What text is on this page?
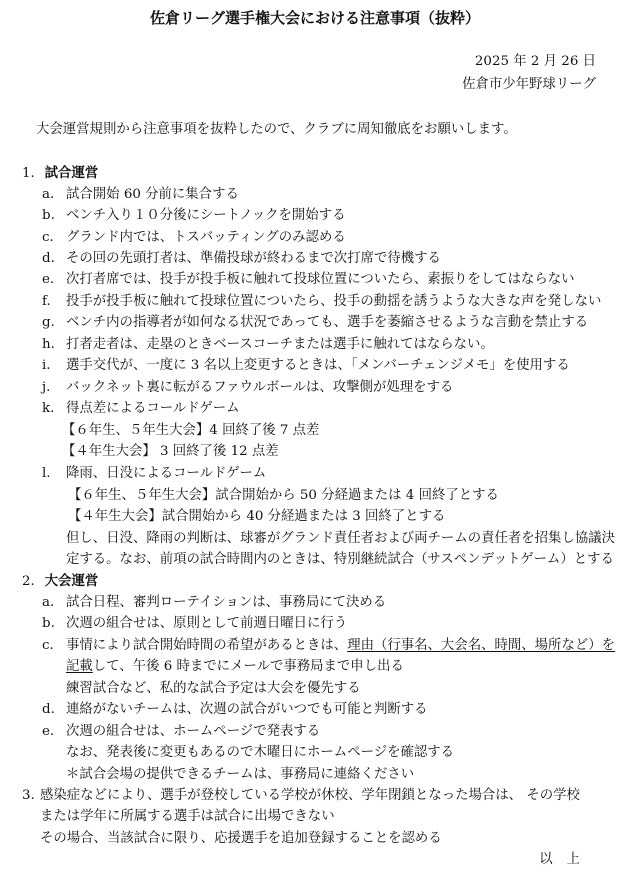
佐倉リーグ選手権大会における注意事項（抜粋）
2025 年 2 月 26 日
佐倉市少年野球リーグ
大会運営規則から注意事項を抜粋したので、クラブに周知徹底をお願いします。
1. 試合運営
a. 試合開始 60 分前に集合する
b. ベンチ入り１０分後にシートノックを開始する
c. グランド内では、トスバッティングのみ認める
d. その回の先頭打者は、準備投球が終わるまで次打席で待機する
e. 次打者席では、投手が投手板に触れて投球位置についたら、素振りをしてはならない
f. 投手が投手板に触れて投球位置についたら、投手の動揺を誘うような大きな声を発しない
g. ベンチ内の指導者が如何なる状況であっても、選手を萎縮させるような言動を禁止する
h. 打者走者は、走塁のときベースコーチまたは選手に触れてはならない。
i. 選手交代が、一度に 3 名以上変更するときは、「メンバーチェンジメモ」を使用する
j. バックネット裏に転がるファウルボールは、攻撃側が処理をする
k. 得点差によるコールドゲーム
【６年生、５年生大会】4 回終了後 7 点差
【４年生大会】 3 回終了後 12 点差
l. 降雨、日没によるコールドゲーム
【６年生、５年生大会】試合開始から 50 分経過または 4 回終了とする
【４年生大会】試合開始から 40 分経過または 3 回終了とする
但し、日没、降雨の判断は、球審がグランド責任者および両チームの責任者を招集し協議決
定する。なお、前項の試合時間内のときは、特別継続試合（サスペンデットゲーム）とする
2. 大会運営
a. 試合日程、審判ローテイションは、事務局にて決める
b. 次週の組合せは、原則として前週日曜日に行う
c. 事情により試合開始時間の希望があるときは、理由（行事名、大会名、時間、場所など）を
記載して、午後 6 時までにメールで事務局まで申し出る
練習試合など、私的な試合予定は大会を優先する
d. 連絡がないチームは、次週の試合がいつでも可能と判断する
e. 次週の組合せは、ホームページで発表する
なお、発表後に変更もあるので木曜日にホームページを確認する
＊試合会場の提供できるチームは、事務局に連絡ください
3. 感染症などにより、選手が登校している学校が休校、学年閉鎖となった場合は、 その学校
または学年に所属する選手は試合に出場できない
その場合、当該試合に限り、応援選手を追加登録することを認める
以上
